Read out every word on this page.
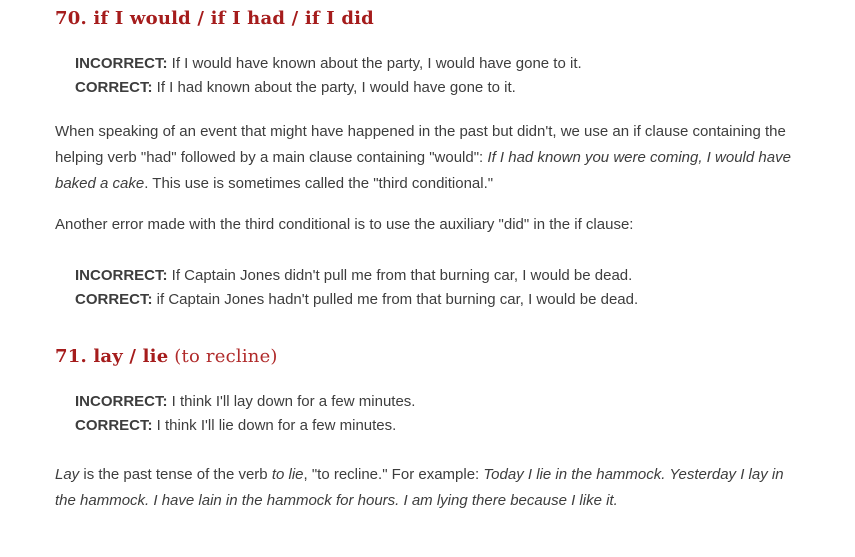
70. if I would / if I had / if I did
INCORRECT: If I would have known about the party, I would have gone to it.
CORRECT: If I had known about the party, I would have gone to it.

When speaking of an event that might have happened in the past but didn't, we use an if clause containing the helping verb "had" followed by a main clause containing "would": If I had known you were coming, I would have baked a cake. This use is sometimes called the "third conditional."

Another error made with the third conditional is to use the auxiliary "did" in the if clause:

INCORRECT: If Captain Jones didn't pull me from that burning car, I would be dead.
CORRECT: if Captain Jones hadn't pulled me from that burning car, I would be dead.
71. lay / lie (to recline)
INCORRECT: I think I'll lay down for a few minutes.
CORRECT: I think I'll lie down for a few minutes.

Lay is the past tense of the verb to lie, "to recline." For example: Today I lie in the hammock. Yesterday I lay in the hammock. I have lain in the hammock for hours. I am lying there because I like it.
